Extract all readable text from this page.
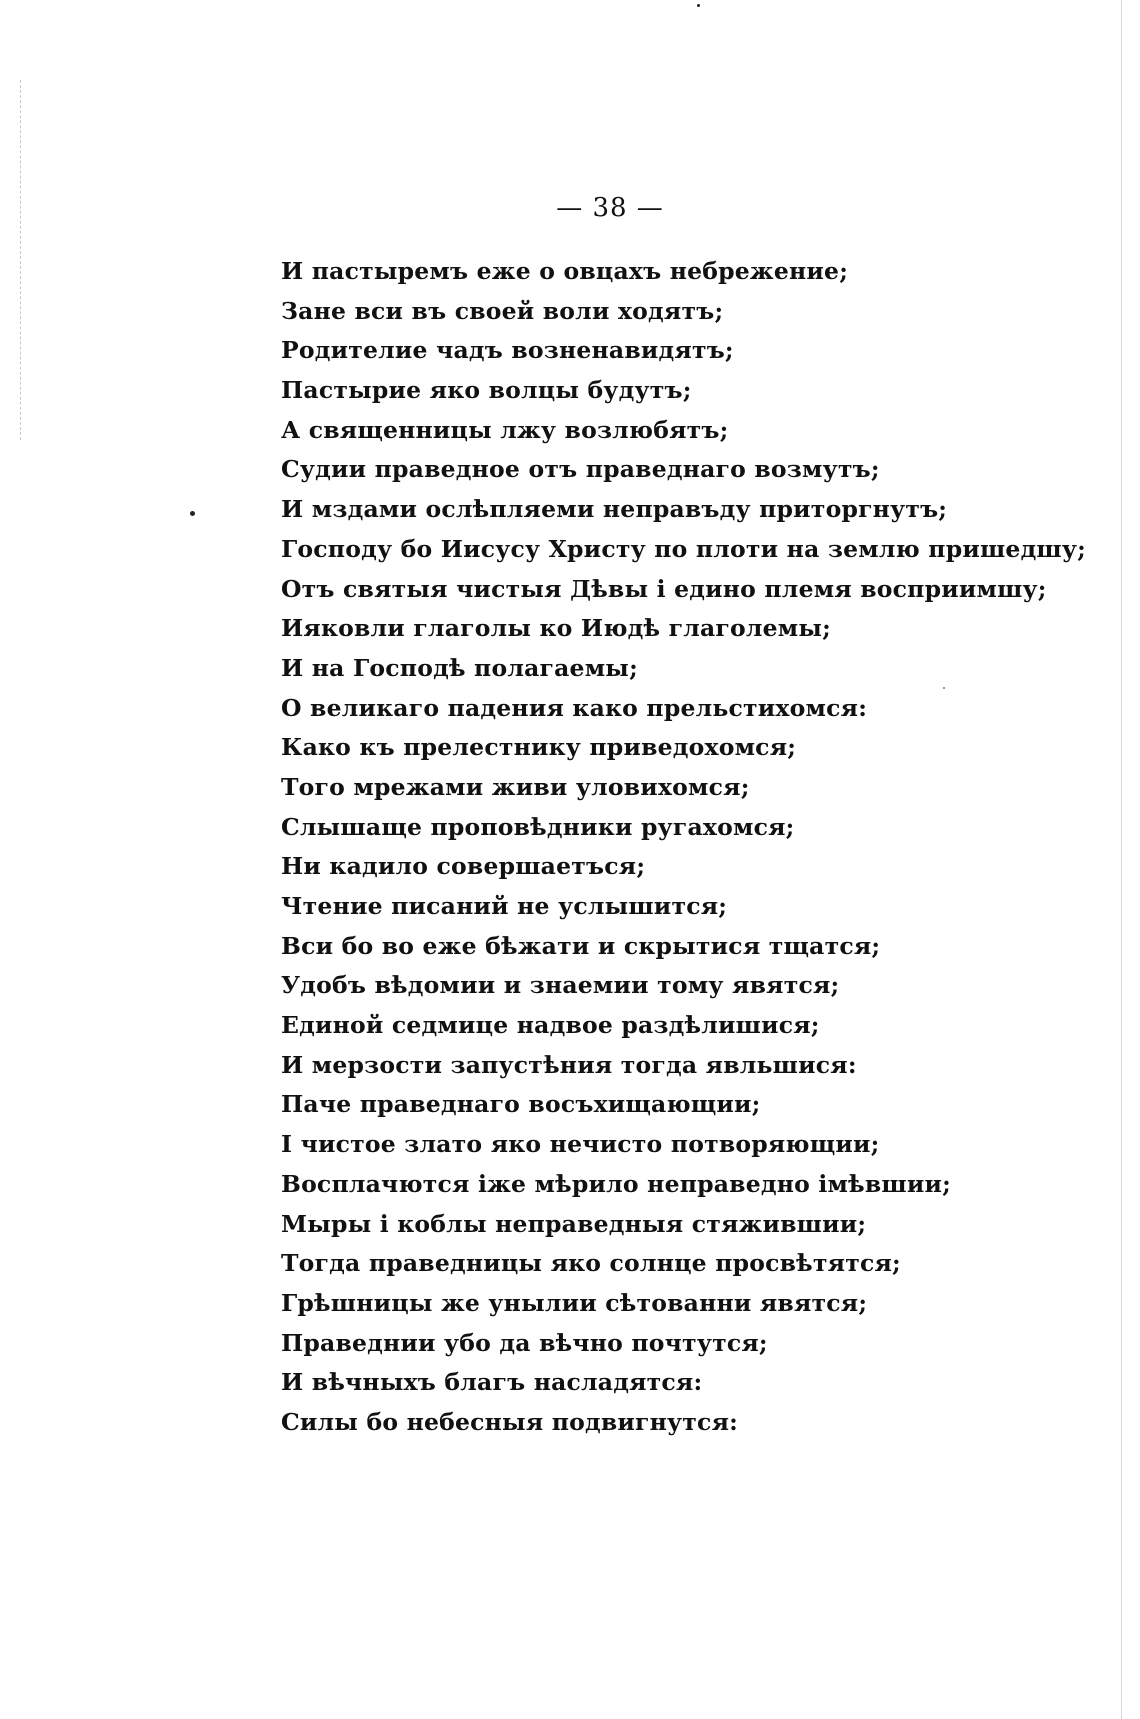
— 38 —
И пастыремъ еже о овцахъ небрежение;
Зане вси въ своей воли ходятъ;
Родителие чадъ возненавидятъ;
Пастырие яко волцы будутъ;
А священницы лжу возлюбятъ;
Судии праведное отъ праведнаго возмутъ;
И мздами ослѣпляеми неправъду приторгнутъ;
Господу бо Иисусу Христу по плоти на землю пришедшу;
Отъ святыя чистыя Дѣвы і едино племя восприимшу;
Ияковли глаголы ко Июдѣ глаголемы;
И на Господѣ полагаемы;
О великаго падения како прельстихомся:
Како къ прелестнику приведохомся;
Того мрежами живи уловихомся;
Слышаще проповѣдники ругахомся;
Ни кадило совершаетъся;
Чтение писаний не услышится;
Вси бо во еже бѣжати и скрытися тщатся;
Удобъ вѣдомии и знаемии тому явятся;
Единой седмице надвое раздѣлишися;
И мерзости запустѣния тогда явльшися:
Паче праведнаго восъхищающии;
І чистое злато яко нечисто потворяющии;
Восплачются іже мѣрило неправедно імѣвшии;
Мыры і коблы неправедныя стяжившии;
Тогда праведницы яко солнце просвѣтятся;
Грѣшницы же унылии сѣтованни явятся;
Праведнии убо да вѣчно почтутся;
И вѣчныхъ благъ насладятся:
Силы бо небесныя подвигнутся:
